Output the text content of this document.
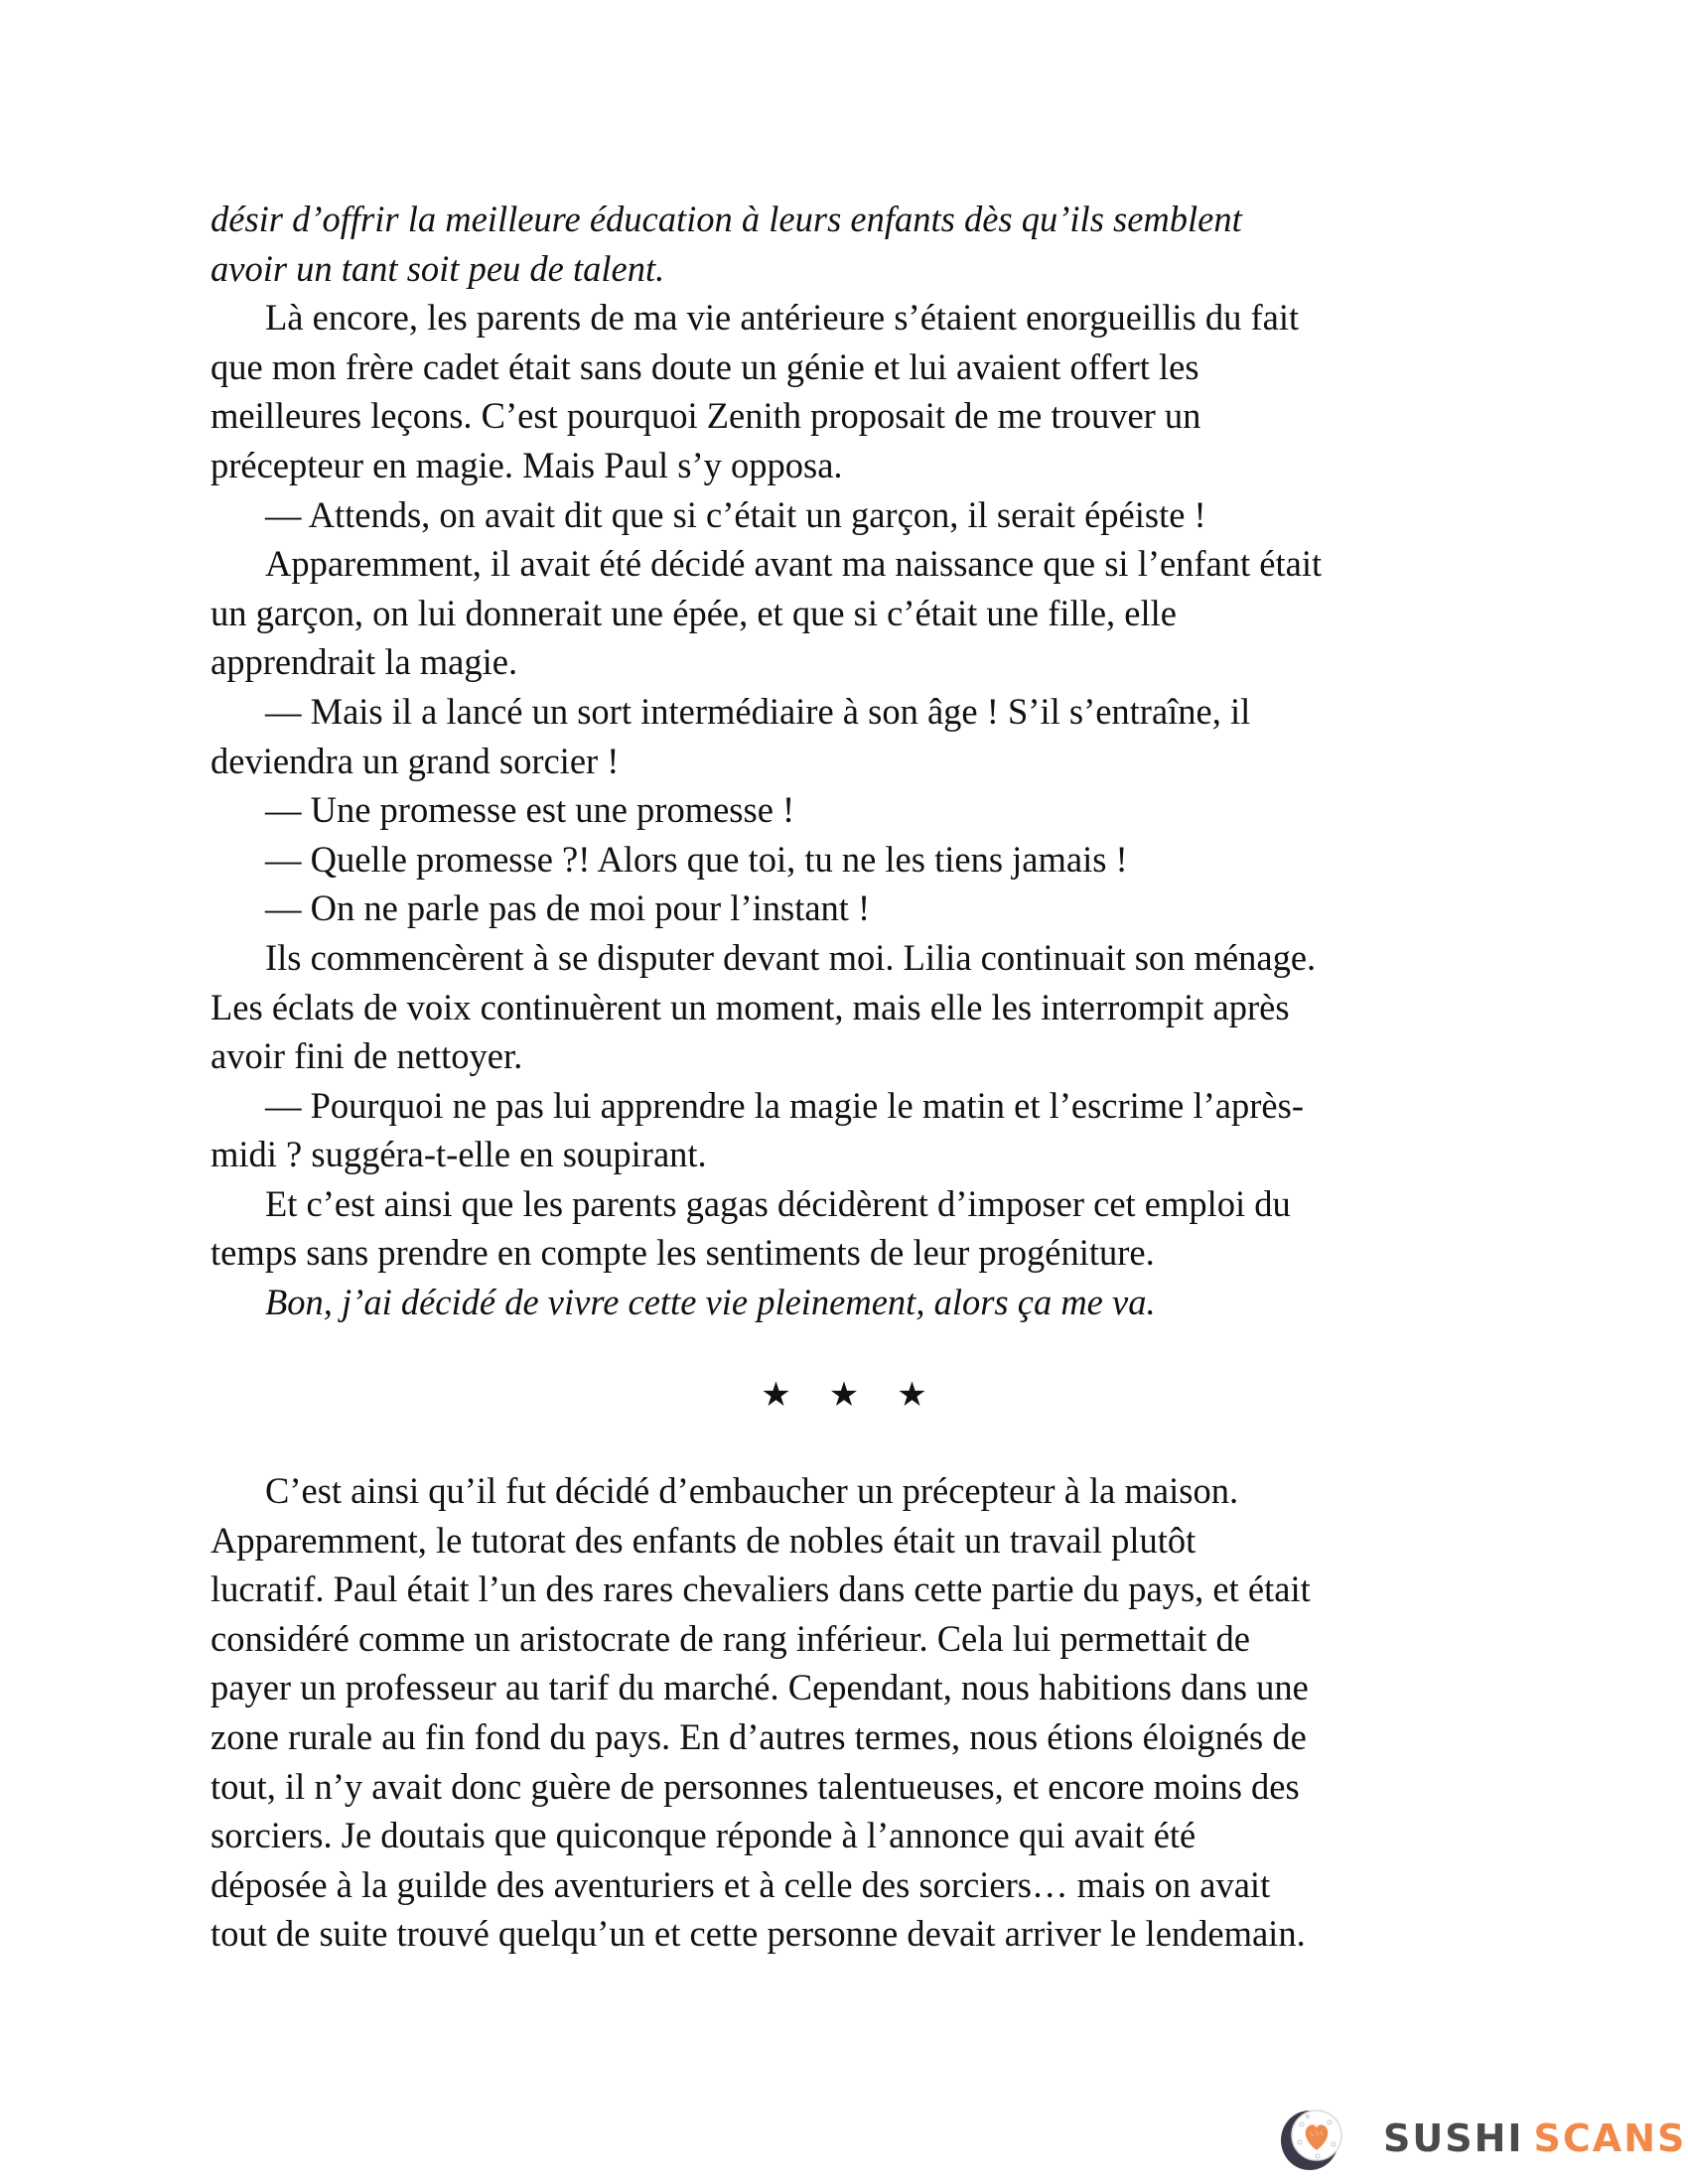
désir d’offrir la meilleure éducation à leurs enfants dès qu’ils semblent
avoir un tant soit peu de talent.
Là encore, les parents de ma vie antérieure s’étaient enorgueillis du fait
que mon frère cadet était sans doute un génie et lui avaient offert les
meilleures leçons. C’est pourquoi Zenith proposait de me trouver un
précepteur en magie. Mais Paul s’y opposa.
— Attends, on avait dit que si c’était un garçon, il serait épéiste !
Apparemment, il avait été décidé avant ma naissance que si l’enfant était
un garçon, on lui donnerait une épée, et que si c’était une fille, elle
apprendrait la magie.
— Mais il a lancé un sort intermédiaire à son âge ! S’il s’entraîne, il
deviendra un grand sorcier !
— Une promesse est une promesse !
— Quelle promesse ?! Alors que toi, tu ne les tiens jamais !
— On ne parle pas de moi pour l’instant !
Ils commencèrent à se disputer devant moi. Lilia continuait son ménage.
Les éclats de voix continuèrent un moment, mais elle les interrompit après
avoir fini de nettoyer.
— Pourquoi ne pas lui apprendre la magie le matin et l’escrime l’après-
midi ? suggéra-t-elle en soupirant.
Et c’est ainsi que les parents gagas décidèrent d’imposer cet emploi du
temps sans prendre en compte les sentiments de leur progéniture.
Bon, j’ai décidé de vivre cette vie pleinement, alors ça me va.
★ ★ ★
C’est ainsi qu’il fut décidé d’embaucher un précepteur à la maison.
Apparemment, le tutorat des enfants de nobles était un travail plutôt
lucratif. Paul était l’un des rares chevaliers dans cette partie du pays, et était
considéré comme un aristocrate de rang inférieur. Cela lui permettait de
payer un professeur au tarif du marché. Cependant, nous habitions dans une
zone rurale au fin fond du pays. En d’autres termes, nous étions éloignés de
tout, il n’y avait donc guère de personnes talentueuses, et encore moins des
sorciers. Je doutais que quiconque réponde à l’annonce qui avait été
déposée à la guilde des aventuriers et à celle des sorciers… mais on avait
tout de suite trouvé quelqu’un et cette personne devait arriver le lendemain.
SUSHI SCANS
